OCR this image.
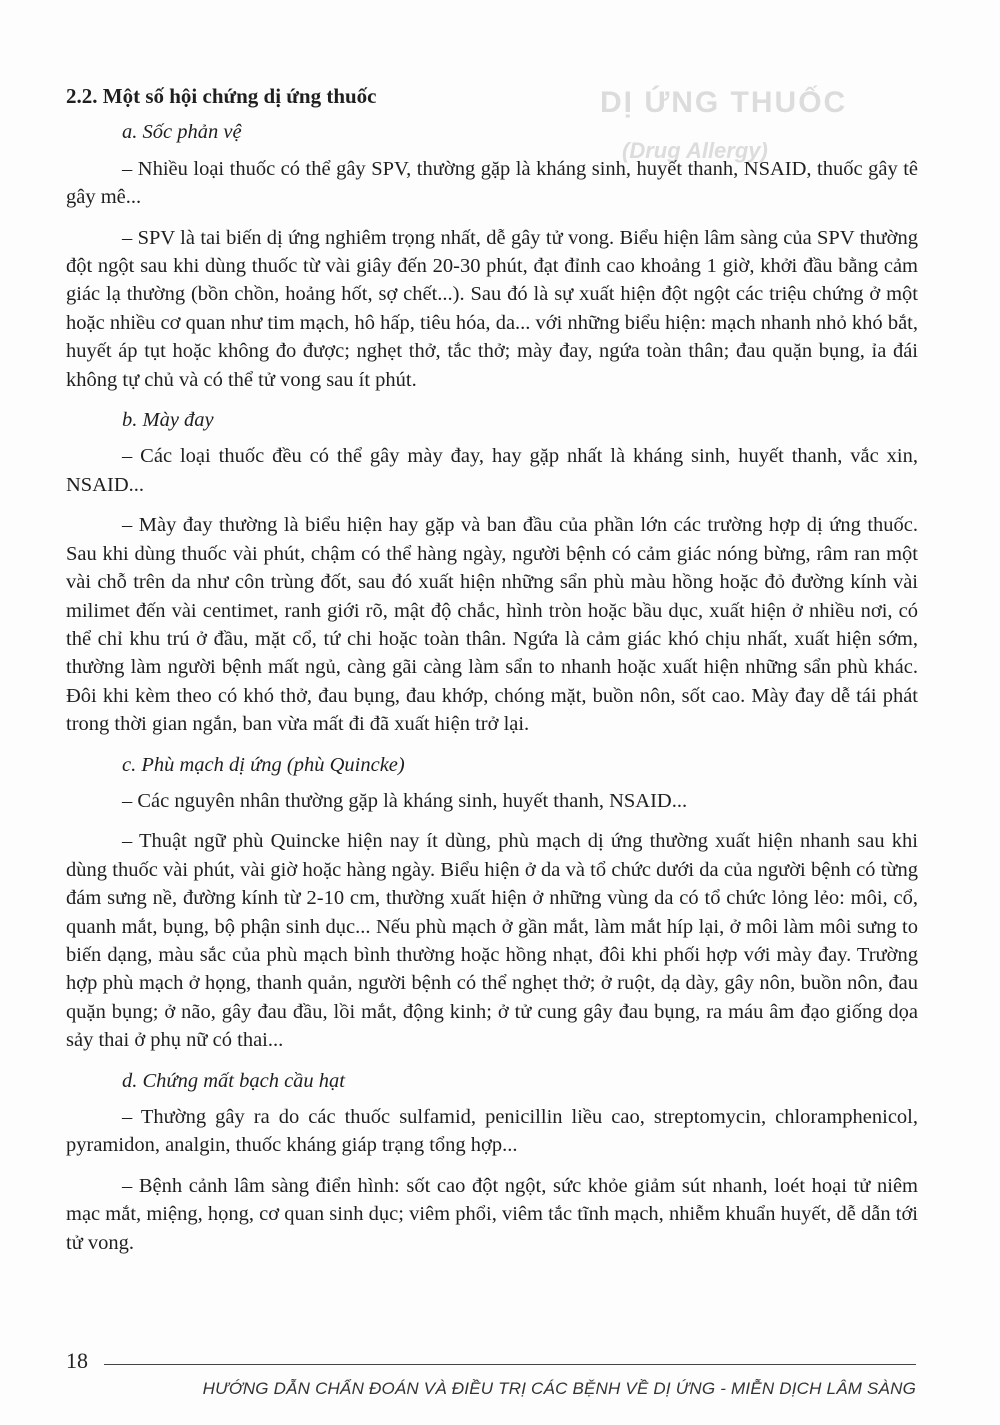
DỊ ỨNG THUỐC
(Drug Allergy)
2.2. Một số hội chứng dị ứng thuốc
a. Sốc phản vệ

– Nhiều loại thuốc có thể gây SPV, thường gặp là kháng sinh, huyết thanh, NSAID, thuốc gây tê gây mê...

– SPV là tai biến dị ứng nghiêm trọng nhất, dễ gây tử vong. Biểu hiện lâm sàng của SPV thường đột ngột sau khi dùng thuốc từ vài giây đến 20-30 phút, đạt đỉnh cao khoảng 1 giờ, khởi đầu bằng cảm giác lạ thường (bồn chồn, hoảng hốt, sợ chết...). Sau đó là sự xuất hiện đột ngột các triệu chứng ở một hoặc nhiều cơ quan như tim mạch, hô hấp, tiêu hóa, da... với những biểu hiện: mạch nhanh nhỏ khó bắt, huyết áp tụt hoặc không đo được; nghẹt thở, tắc thở; mày đay, ngứa toàn thân; đau quặn bụng, ỉa đái không tự chủ và có thể tử vong sau ít phút.

b. Mày đay

– Các loại thuốc đều có thể gây mày đay, hay gặp nhất là kháng sinh, huyết thanh, vắc xin, NSAID...

– Mày đay thường là biểu hiện hay gặp và ban đầu của phần lớn các trường hợp dị ứng thuốc. Sau khi dùng thuốc vài phút, chậm có thể hàng ngày, người bệnh có cảm giác nóng bừng, râm ran một vài chỗ trên da như côn trùng đốt, sau đó xuất hiện những sẩn phù màu hồng hoặc đỏ đường kính vài milimet đến vài centimet, ranh giới rõ, mật độ chắc, hình tròn hoặc bầu dục, xuất hiện ở nhiều nơi, có thể chỉ khu trú ở đầu, mặt cổ, tứ chi hoặc toàn thân. Ngứa là cảm giác khó chịu nhất, xuất hiện sớm, thường làm người bệnh mất ngủ, càng gãi càng làm sẩn to nhanh hoặc xuất hiện những sẩn phù khác. Đôi khi kèm theo có khó thở, đau bụng, đau khớp, chóng mặt, buồn nôn, sốt cao. Mày đay dễ tái phát trong thời gian ngắn, ban vừa mất đi đã xuất hiện trở lại.

c. Phù mạch dị ứng (phù Quincke)

– Các nguyên nhân thường gặp là kháng sinh, huyết thanh, NSAID...

– Thuật ngữ phù Quincke hiện nay ít dùng, phù mạch dị ứng thường xuất hiện nhanh sau khi dùng thuốc vài phút, vài giờ hoặc hàng ngày. Biểu hiện ở da và tổ chức dưới da của người bệnh có từng đám sưng nề, đường kính từ 2-10 cm, thường xuất hiện ở những vùng da có tổ chức lỏng lẻo: môi, cổ, quanh mắt, bụng, bộ phận sinh dục... Nếu phù mạch ở gần mắt, làm mắt híp lại, ở môi làm môi sưng to biến dạng, màu sắc của phù mạch bình thường hoặc hồng nhạt, đôi khi phối hợp với mày đay. Trường hợp phù mạch ở họng, thanh quản, người bệnh có thể nghẹt thở; ở ruột, dạ dày, gây nôn, buồn nôn, đau quặn bụng; ở não, gây đau đầu, lồi mắt, động kinh; ở tử cung gây đau bụng, ra máu âm đạo giống dọa sảy thai ở phụ nữ có thai...

d. Chứng mất bạch cầu hạt

– Thường gây ra do các thuốc sulfamid, penicillin liều cao, streptomycin, chloramphenicol, pyramidon, analgin, thuốc kháng giáp trạng tổng hợp...

– Bệnh cảnh lâm sàng điển hình: sốt cao đột ngột, sức khỏe giảm sút nhanh, loét hoại tử niêm mạc mắt, miệng, họng, cơ quan sinh dục; viêm phổi, viêm tắc tĩnh mạch, nhiễm khuẩn huyết, dễ dẫn tới tử vong.

18
HƯỚNG DẪN CHẨN ĐOÁN VÀ ĐIỀU TRỊ CÁC BỆNH VỀ DỊ ỨNG - MIỄN DỊCH LÂM SÀNG
